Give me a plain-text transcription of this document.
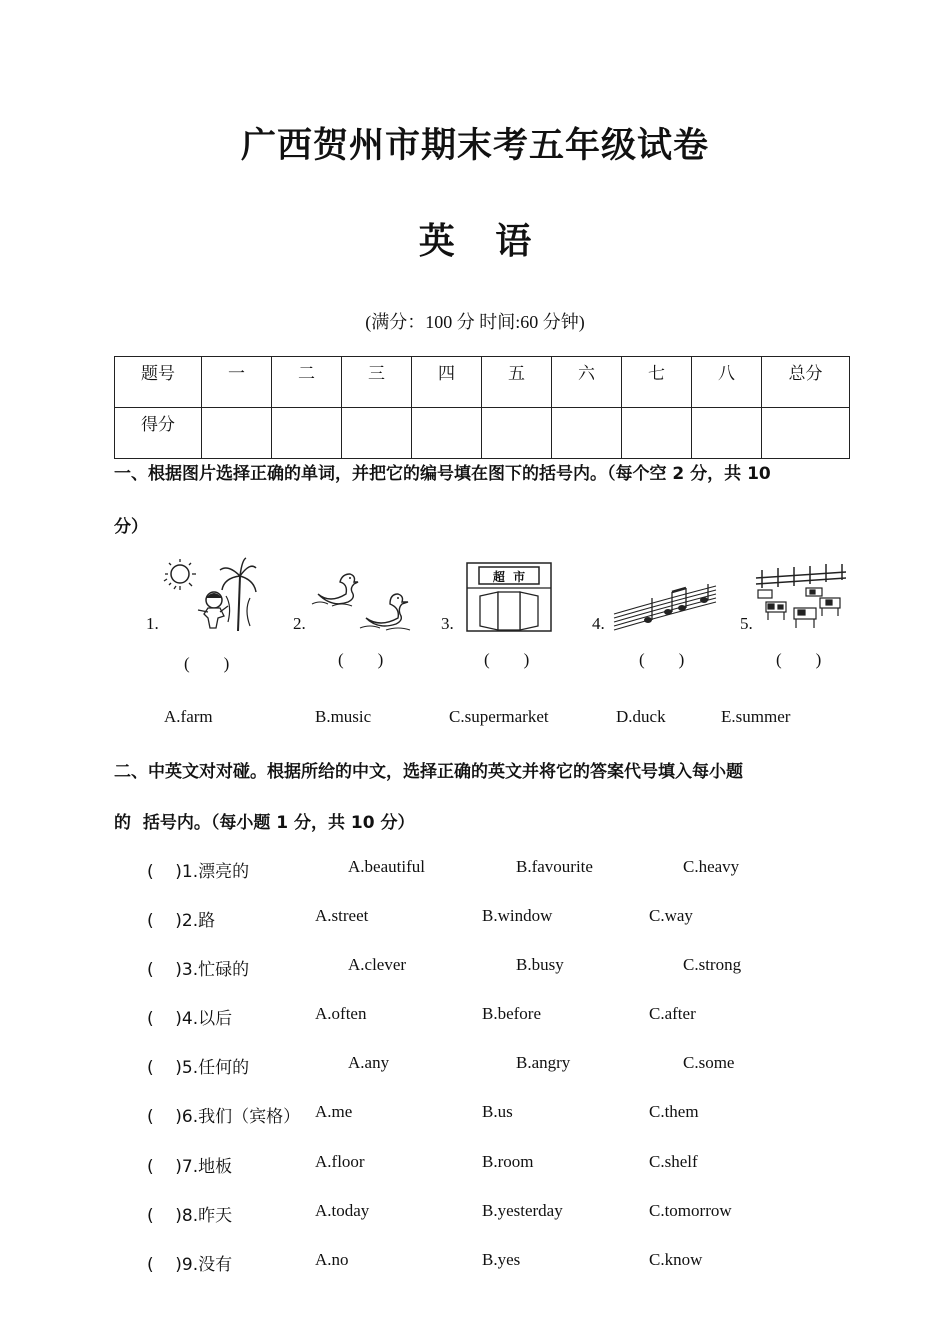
广西贺州市期末考五年级试卷
英 语
(满分：100 分 时间:60 分钟)
题号	一	二	三	四	五	六	七	八	总分
得分									
一、根据图片选择正确的单词，并把它的编号填在图下的括号内。（每个空 2 分，共 10
分）
1.
(　　)
2.
(　　)
3.
超  市
(　　)
4.
(　　)
5.
(　　)
A.farm	B.music	C.supermarket	D.duck	E.summer
二、中英文对对碰。根据所给的中文，选择正确的英文并将它的答案代号填入每小题
的  括号内。（每小题 1 分，共 10 分）
(    )1.漂亮的	A.beautiful	B.favourite	C.heavy
(    )2.路	A.street	B.window	C.way
(    )3.忙碌的	A.clever	B.busy	C.strong
(    )4.以后	A.often	B.before	C.after
(    )5.任何的	A.any	B.angry	C.some
(    )6.我们（宾格） A.me	B.us	C.them
(    )7.地板	A.floor	B.room	C.shelf
(    )8.昨天	A.today	B.yesterday	C.tomorrow
(    )9.没有	A.no	B.yes	C.know
